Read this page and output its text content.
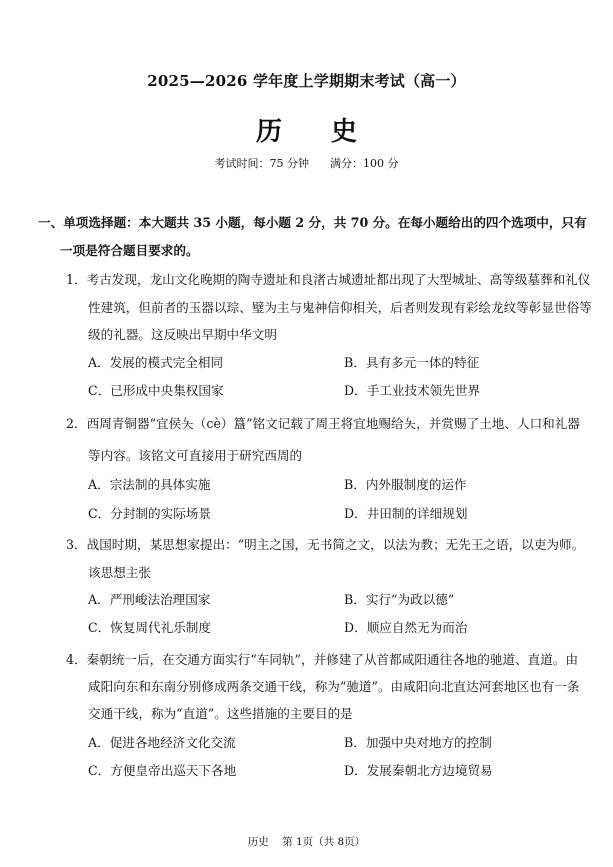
2025—2026 学年度上学期期末考试（高一）
历 史
考试时间：75 分钟      满分：100 分
一、单项选择题：本大题共 35 小题，每小题 2 分，共 70 分。在每小题给出的四个选项中，只有
一项是符合题目要求的。
1．考古发现，龙山文化晚期的陶寺遗址和良渚古城遗址都出现了大型城址、高等级墓葬和礼仪
性建筑，但前者的玉器以琮、璧为主与鬼神信仰相关，后者则发现有彩绘龙纹等彰显世俗等
级的礼器。这反映出早期中华文明
A．发展的模式完全相同	B．具有多元一体的特征
C．已形成中央集权国家	D．手工业技术领先世界
2．西周青铜器“宜侯夨（cè）簋”铭文记载了周王将宜地赐给夨，并赏赐了土地、人口和礼器
等内容。该铭文可直接用于研究西周的
A．宗法制的具体实施	B．内外服制度的运作
C．分封制的实际场景	D．井田制的详细规划
3．战国时期，某思想家提出：“明主之国，无书简之文，以法为教；无先王之语，以吏为师。
该思想主张
A．严刑峻法治理国家	B．实行“为政以德”
C．恢复周代礼乐制度	D．顺应自然无为而治
4．秦朝统一后，在交通方面实行“车同轨”，并修建了从首都咸阳通往各地的驰道、直道。由
咸阳向东和东南分别修成两条交通干线，称为“驰道”。由咸阳向北直达河套地区也有一条
交通干线，称为“直道”。这些措施的主要目的是
A．促进各地经济文化交流	B．加强中央对地方的控制
C．方便皇帝出巡天下各地	D．发展秦朝北方边境贸易
历史    第 1页（共 8页）
